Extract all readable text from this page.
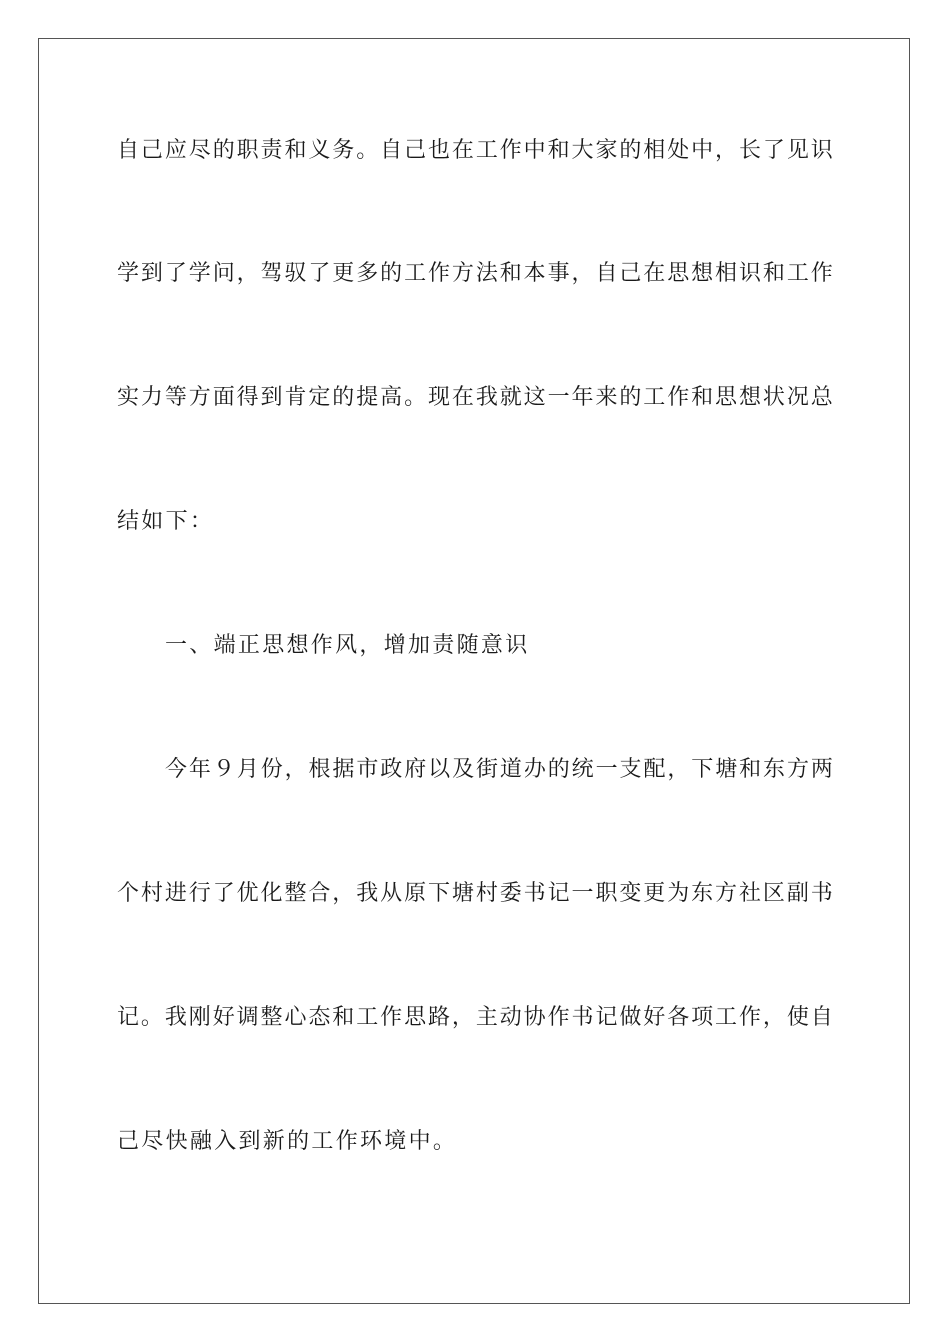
自 己 应 尽 的 职 责 和 义 务 。 自 己 也 在 工 作 中 和 大 家 的 相 处 中 ， 长 了 见 识
学 到 了 学 问 ， 驾 驭 了 更 多 的 工 作 方 法 和 本 事 ， 自 己 在 思 想 相 识 和 工 作
实 力 等 方 面 得 到 肯 定 的 提 高 。 现 在 我 就 这 一 年 来 的 工 作 和 思 想 状 况 总
结如下：
一、端正思想作风，增加责随意识
今 年 ９ 月 份 ， 根 据 市 政 府 以 及 街 道 办 的 统 一 支 配 ， 下 塘 和 东 方 两
个 村 进 行 了 优 化 整 合 ， 我 从 原 下 塘 村 委 书 记 一 职 变 更 为 东 方 社 区 副 书
记 。 我 刚 好 调 整 心 态 和 工 作 思 路 ， 主 动 协 作 书 记 做 好 各 项 工 作 ， 使 自
己尽快融入到新的工作环境中。
